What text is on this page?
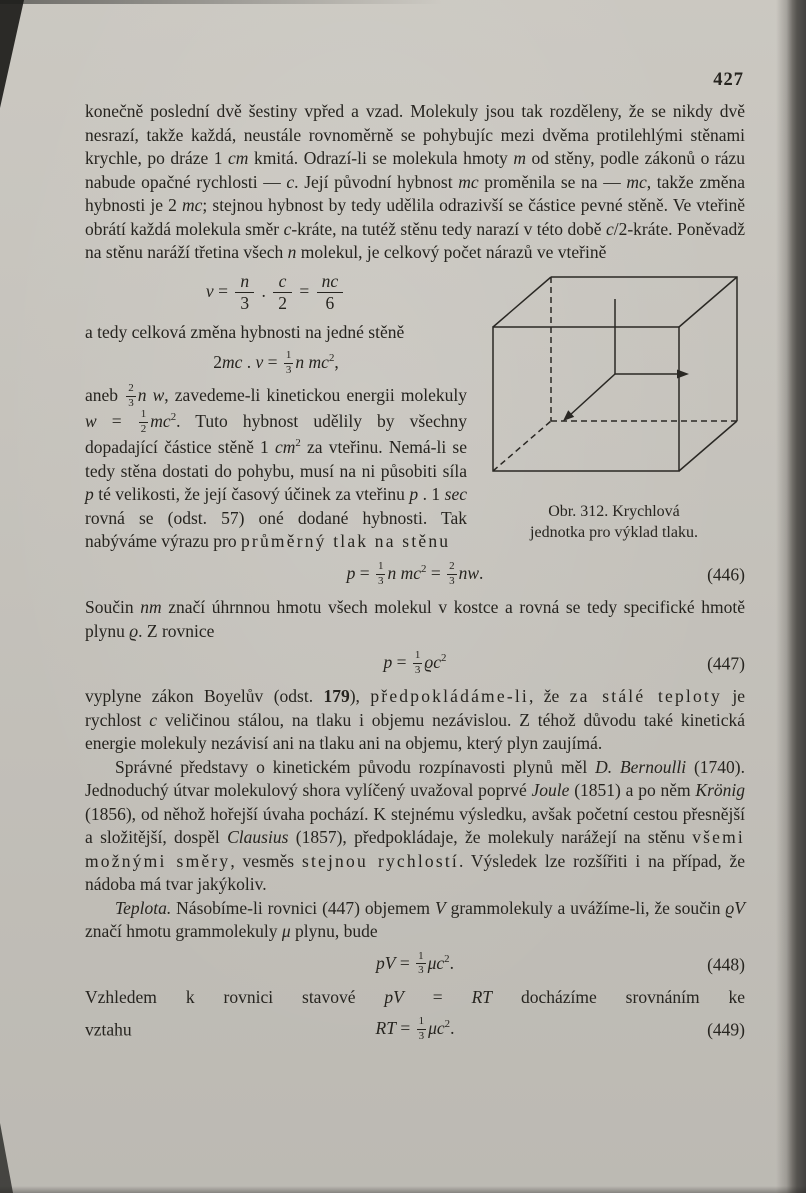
427

konečně poslední dvě šestiny vpřed a vzad. Molekuly jsou tak rozděleny, že se nikdy dvě nesrazí, takže každá, neustále rovnoměrně se pohybujíc mezi dvěma protilehlými stěnami krychle, po dráze 1 cm kmitá. Odrazí-li se molekula hmoty m od stěny, podle zákonů o rázu nabude opačné rychlosti — c. Její původní hybnost mc proměnila se na — mc, takže změna hybnosti je 2 mc; stejnou hybnost by tedy udělila odrazivší se částice pevné stěně. Ve vteřině obrátí každá molekula směr c-kráte, na tutéž stěnu tedy narazí v této době c/2-kráte. Poněvadž na stěnu naráží třetina všech n molekul, je celkový počet nárazů ve vteřině

Obr. 312. Krychlová jednotka pro výklad tlaku.
$v = \frac{n}{3}$ . $\frac{c}{2} = \frac{nc}{6}$

a tedy celková změna hybnosti na jedné stěně

2mc . $v = \frac{1}{3}$ n $mc^2$,

aneb $\frac{2}{3}$ n w, zavedeme-li kinetickou energii molekuly $w = \frac{1}{2} mc^2$. Tuto hybnost udělily by všechny dopadající částice stěně 1 $cm^2$ za vteřinu. Nemá-li se tedy stěna dostati do pohybu, musí na ni působiti síla p té velikosti, že její časový účinek za vteřinu p . 1 sec rovná se (odst. 57) oné dodané hybnosti. Tak nabýváme výrazu pro průměrný tlak na stěnu

$p = \frac{1}{3}$ n $mc^2 = \frac{2}{3}$ nw.	(446)

Součin nm značí úhrnnou hmotu všech molekul v kostce a rovná se tedy specifické hmotě plynu ϱ. Z rovnice

$p = \frac{1}{3} ϱc^2$	(447)

vyplyne zákon Boyelův (odst. 179), předpokládáme-li, že za stálé teploty je rychlost c veličinou stálou, na tlaku i objemu nezávislou. Z téhož důvodu také kinetická energie molekuly nezávisí ani na tlaku ani na objemu, který plyn zaujímá.

Správné představy o kinetickém původu rozpínavosti plynů měl D. Bernoulli (1740). Jednoduchý útvar molekulový shora vylíčený uvažoval poprvé Joule (1851) a po něm Krönig (1856), od něhož hořejší úvaha pochází. K stejnému výsledku, avšak početní cestou přesnější a složitější, dospěl Clausius (1857), předpokládaje, že molekuly narážejí na stěnu všemi možnými směry, vesměs stejnou rychlostí. Výsledek lze rozšířiti i na případ, že nádoba má tvar jakýkoliv.

Teplota. Násobíme-li rovnici (447) objemem V grammolekuly a uvážíme-li, že součin ϱV značí hmotu grammolekuly μ plynu, bude

pV = $\frac{1}{3} \mu c^2$.	(448)

Vzhledem k rovnici stavové pV = RT docházíme srovnáním ke

vztahu	RT = $\frac{1}{3} \mu c^2$.	(449)
